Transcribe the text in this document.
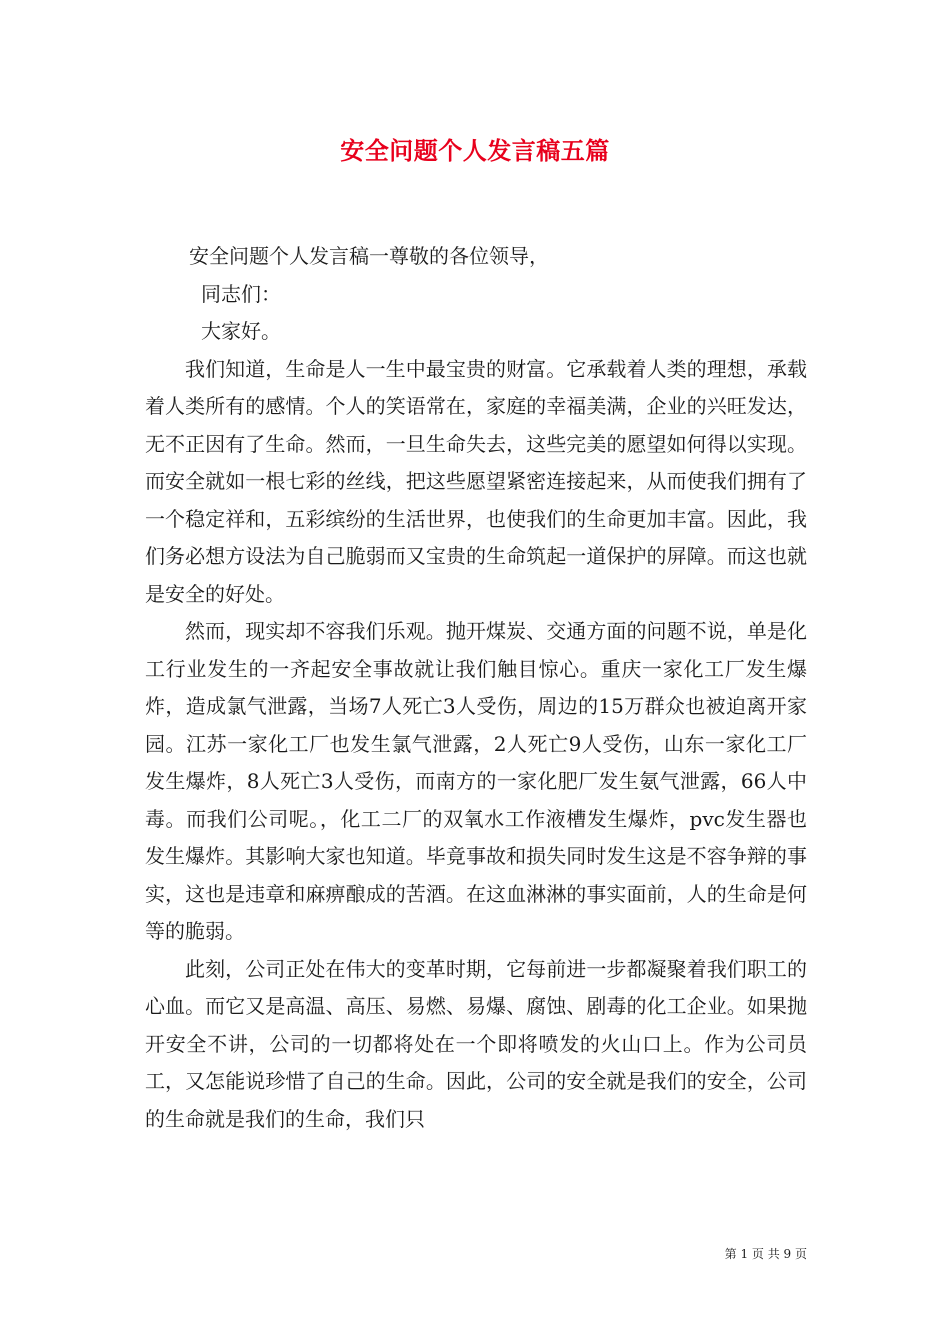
安全问题个人发言稿五篇

安全问题个人发言稿一尊敬的各位领导，

同志们：

大家好。

我们知道，生命是人一生中最宝贵的财富。它承载着人类的理想，承载着人类所有的感情。个人的笑语常在，家庭的幸福美满，企业的兴旺发达，无不正因有了生命。然而，一旦生命失去，这些完美的愿望如何得以实现。而安全就如一根七彩的丝线，把这些愿望紧密连接起来，从而使我们拥有了一个稳定祥和，五彩缤纷的生活世界，也使我们的生命更加丰富。因此，我们务必想方设法为自己脆弱而又宝贵的生命筑起一道保护的屏障。而这也就是安全的好处。

然而，现实却不容我们乐观。抛开煤炭、交通方面的问题不说，单是化工行业发生的一齐起安全事故就让我们触目惊心。重庆一家化工厂发生爆炸，造成氯气泄露，当场7人死亡3人受伤，周边的15万群众也被迫离开家园。江苏一家化工厂也发生氯气泄露，2人死亡9人受伤，山东一家化工厂发生爆炸，8人死亡3人受伤，而南方的一家化肥厂发生氨气泄露，66人中毒。而我们公司呢。，化工二厂的双氧水工作液槽发生爆炸，pvc发生器也发生爆炸。其影响大家也知道。毕竟事故和损失同时发生这是不容争辩的事实，这也是违章和麻痹酿成的苦酒。在这血淋淋的事实面前，人的生命是何等的脆弱。

此刻，公司正处在伟大的变革时期，它每前进一步都凝聚着我们职工的心血。而它又是高温、高压、易燃、易爆、腐蚀、剧毒的化工企业。如果抛开安全不讲，公司的一切都将处在一个即将喷发的火山口上。作为公司员工，又怎能说珍惜了自己的生命。因此，公司的安全就是我们的安全，公司的生命就是我们的生命，我们只

第 1 页 共 9 页
